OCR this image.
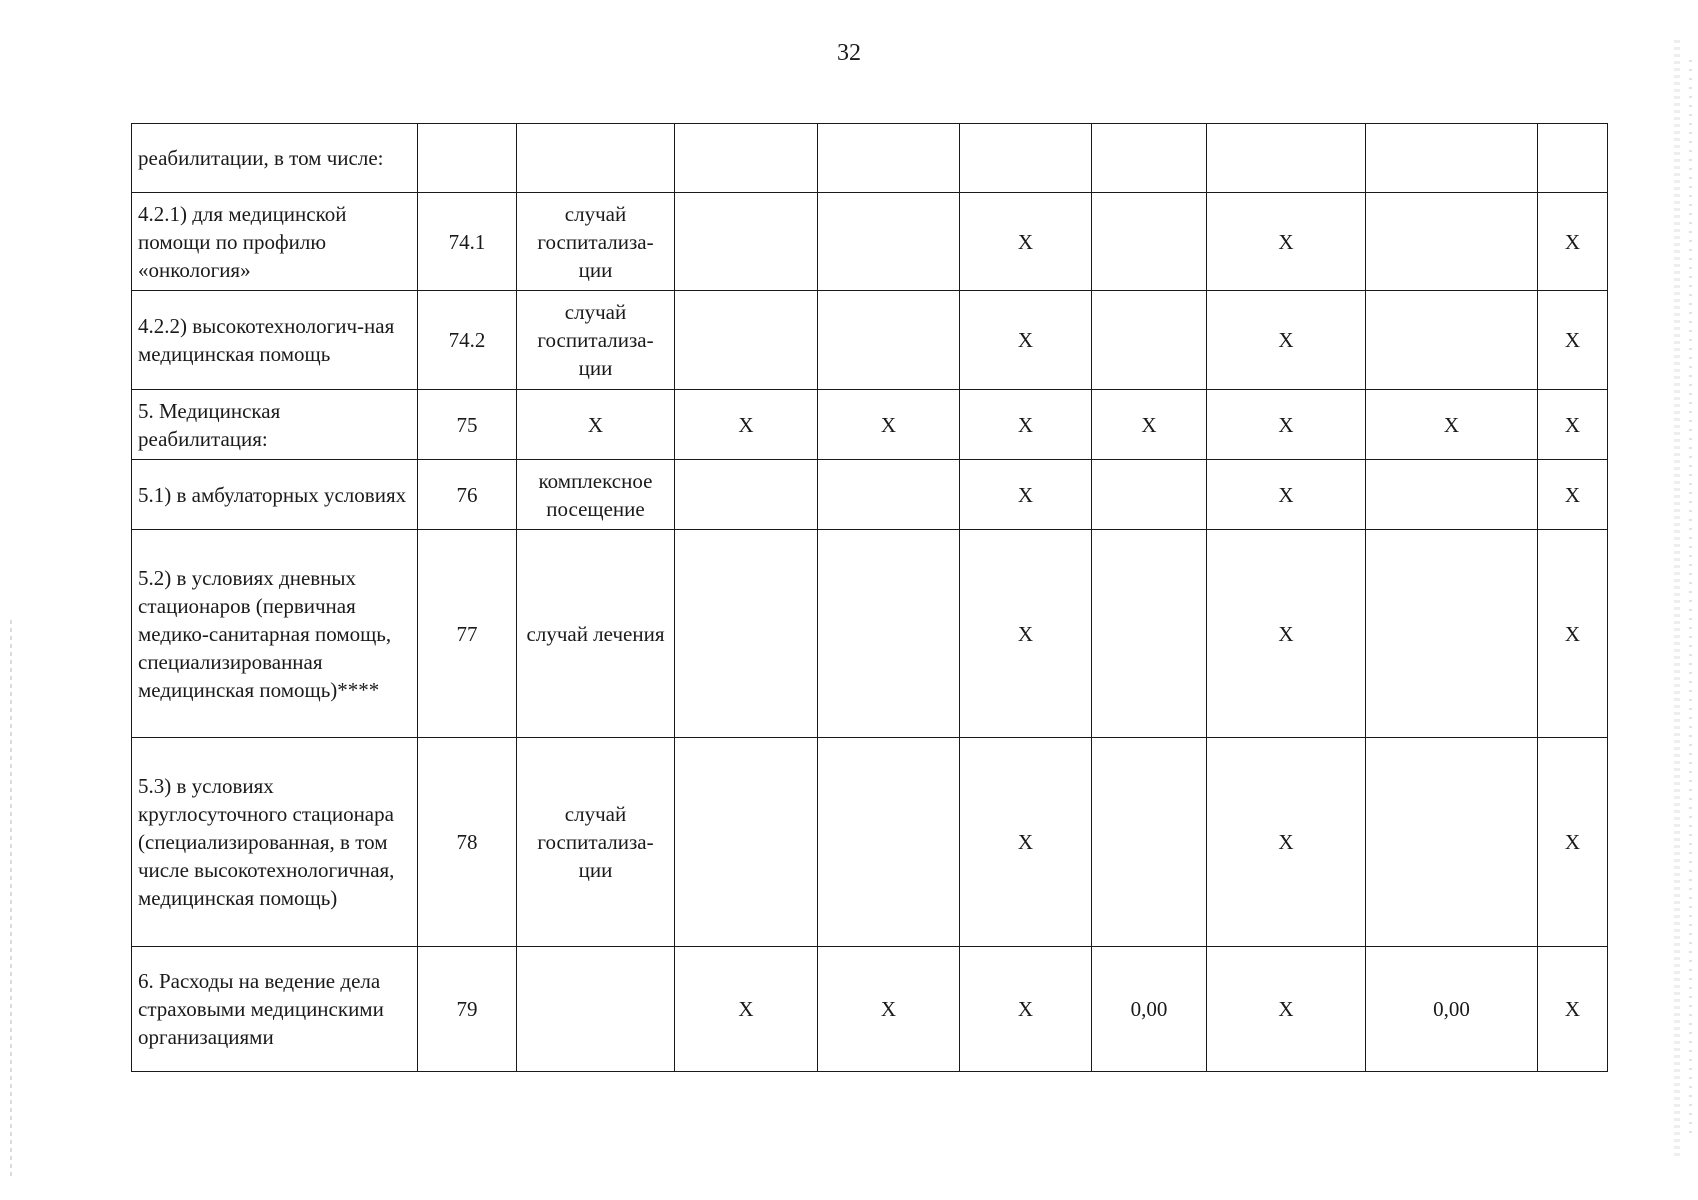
32
реабилитации, в том числе:									
4.2.1) для медицинской помощи по профилю «онкология»	74.1	случай госпитализа-ции			X		X		X
4.2.2) высокотехнологич-ная медицинская помощь	74.2	случай госпитализа-ции			X		X		X
5. Медицинская реабилитация:	75	X	X	X	X	X	X	X	X
5.1) в амбулаторных условиях	76	комплексное посещение			X		X		X
5.2) в условиях дневных стационаров (первичная медико-санитарная помощь, специализированная медицинская помощь)****	77	случай лечения			X		X		X
5.3) в условиях круглосуточного стационара (специализированная, в том числе высокотехнологичная, медицинская помощь)	78	случай госпитализа-ции			X		X		X
6. Расходы на ведение дела страховыми медицинскими организациями	79		X	X	X	0,00	X	0,00	X
